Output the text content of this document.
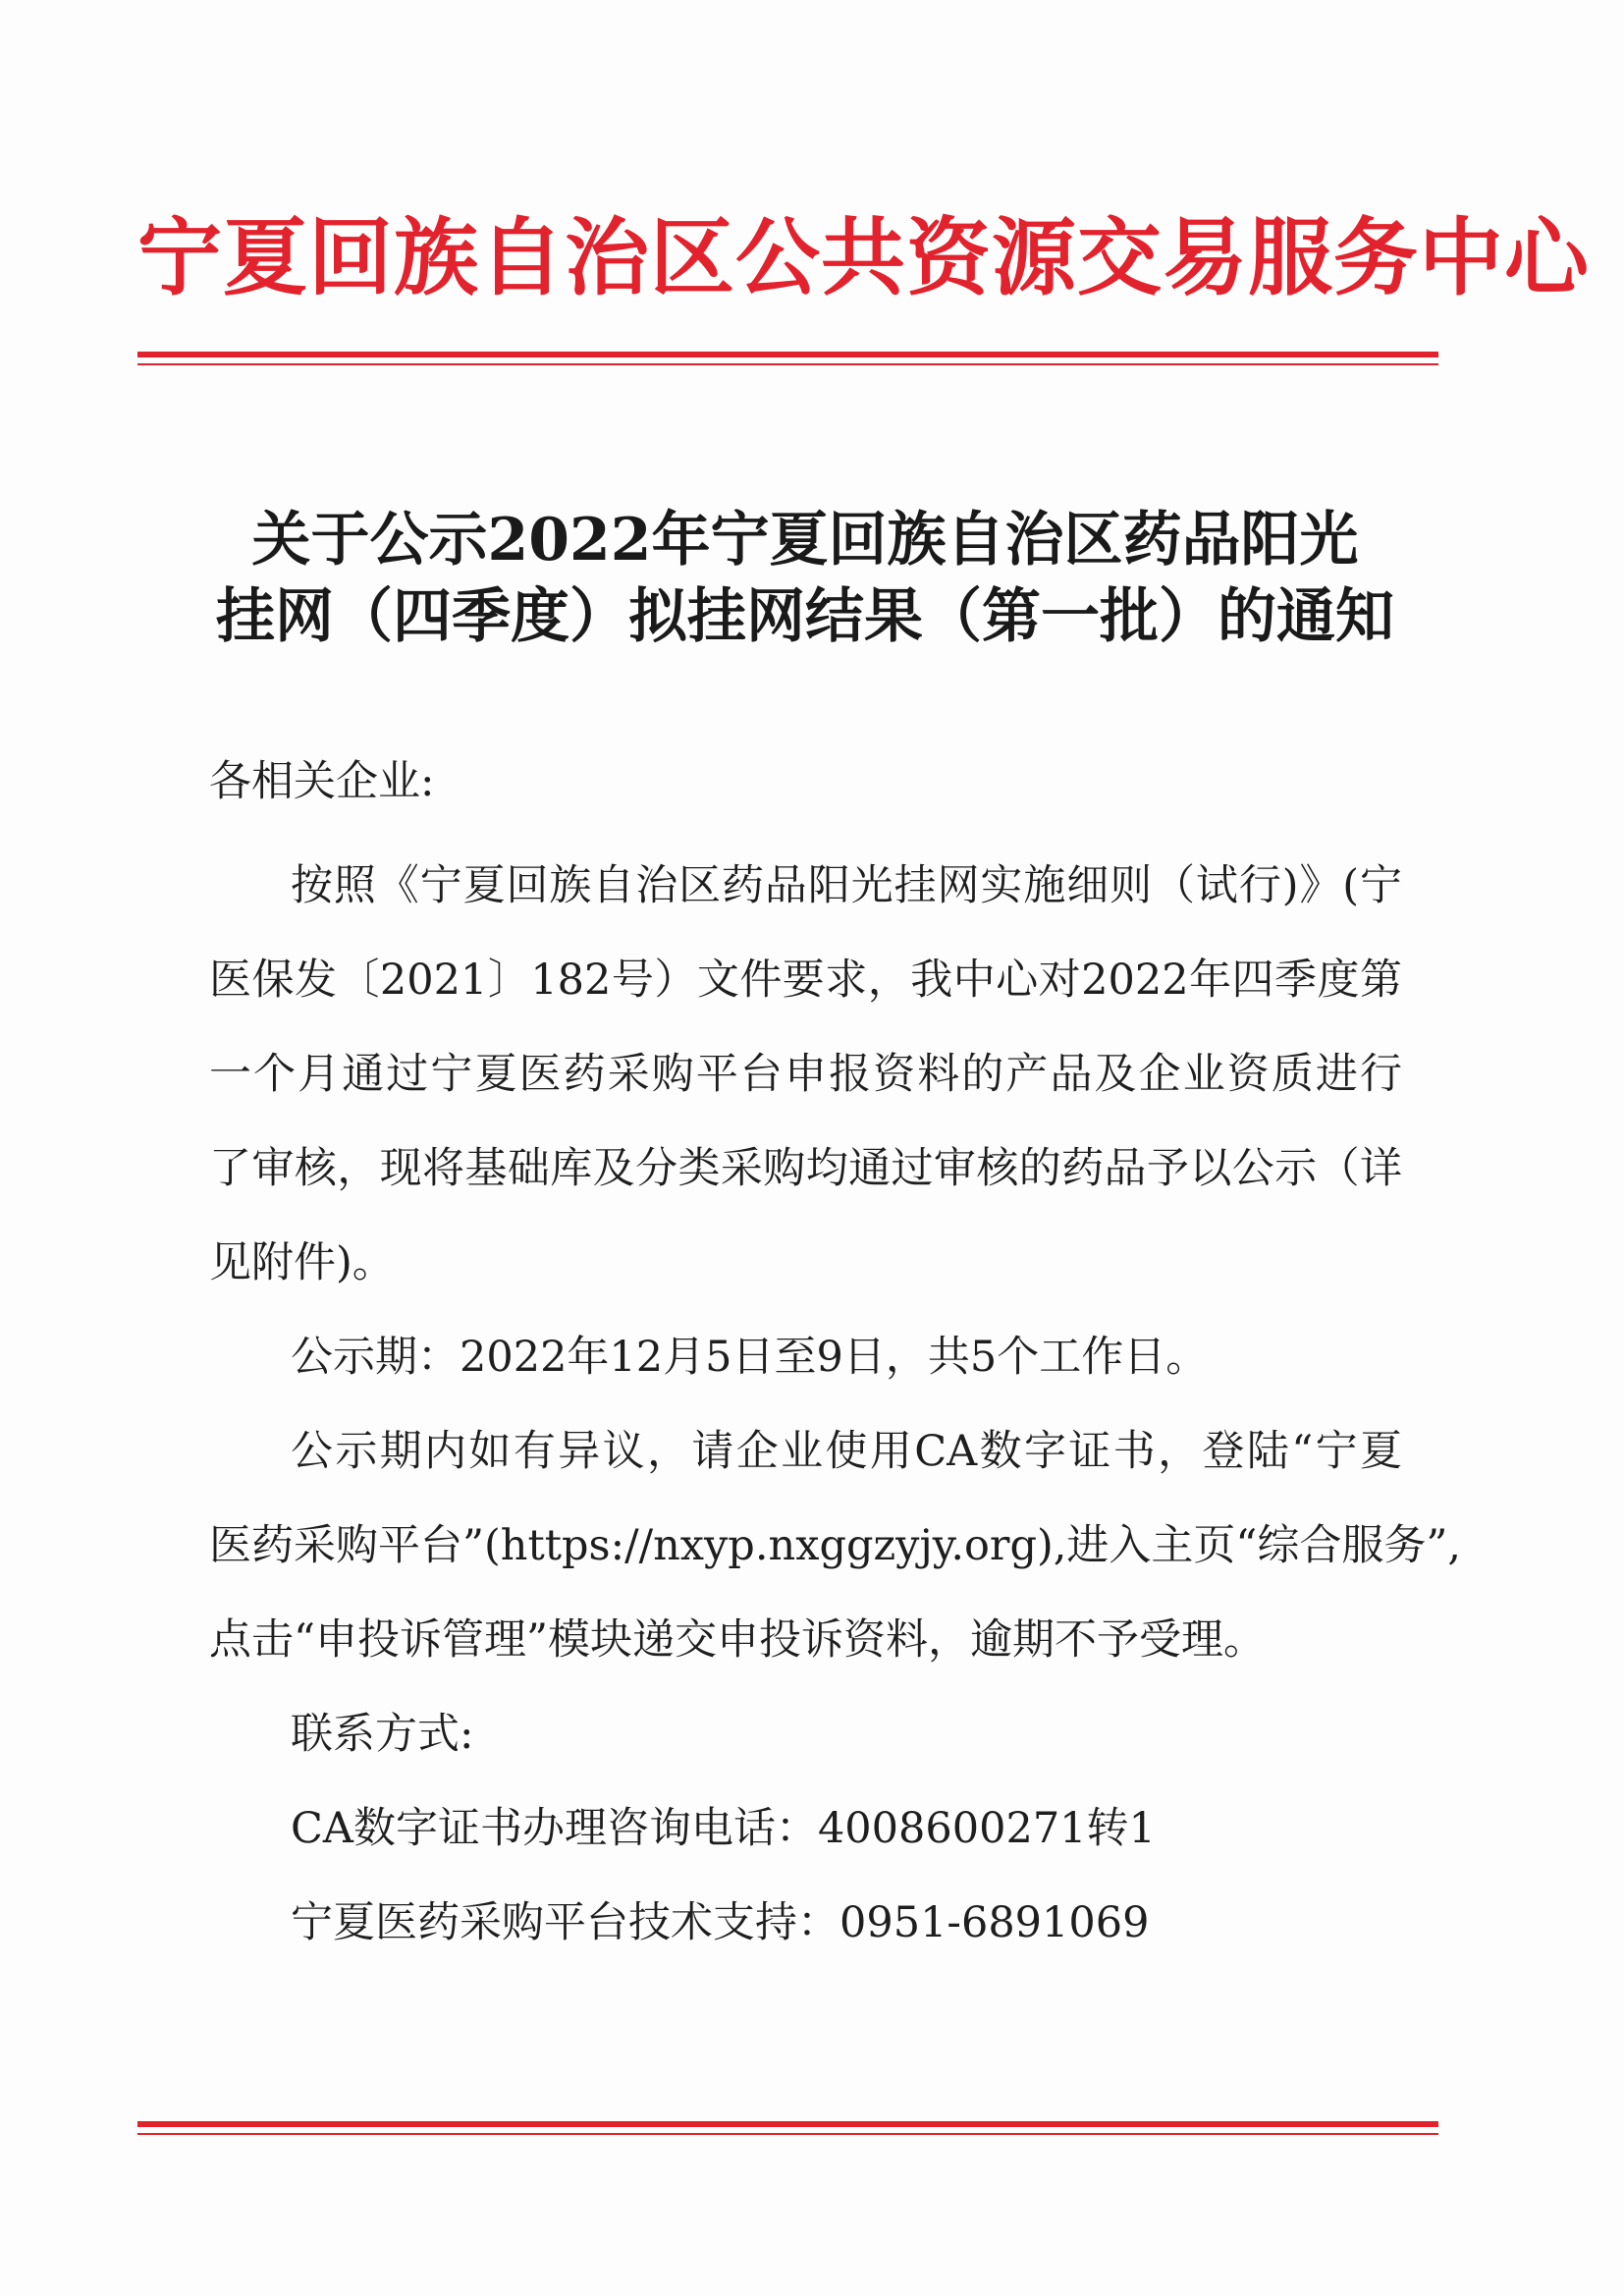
宁夏回族自治区公共资源交易服务中心
关于公示2022年宁夏回族自治区药品阳光
挂网（四季度）拟挂网结果（第一批）的通知
各相关企业:
按照《宁夏回族自治区药品阳光挂网实施细则（试行)》(宁
医保发〔2021〕182号）文件要求，我中心对2022年四季度第
一个月通过宁夏医药采购平台申报资料的产品及企业资质进行
了审核，现将基础库及分类采购均通过审核的药品予以公示（详
见附件)。
公示期：2022年12月5日至9日，共5个工作日。
公示期内如有异议，请企业使用CA数字证书，登陆“宁夏
医药采购平台”(https://nxyp.nxggzyjy.org),进入主页“综合服务”,
点击“申投诉管理”模块递交申投诉资料，逾期不予受理。
联系方式:
CA数字证书办理咨询电话：4008600271转1
宁夏医药采购平台技术支持：0951-6891069
